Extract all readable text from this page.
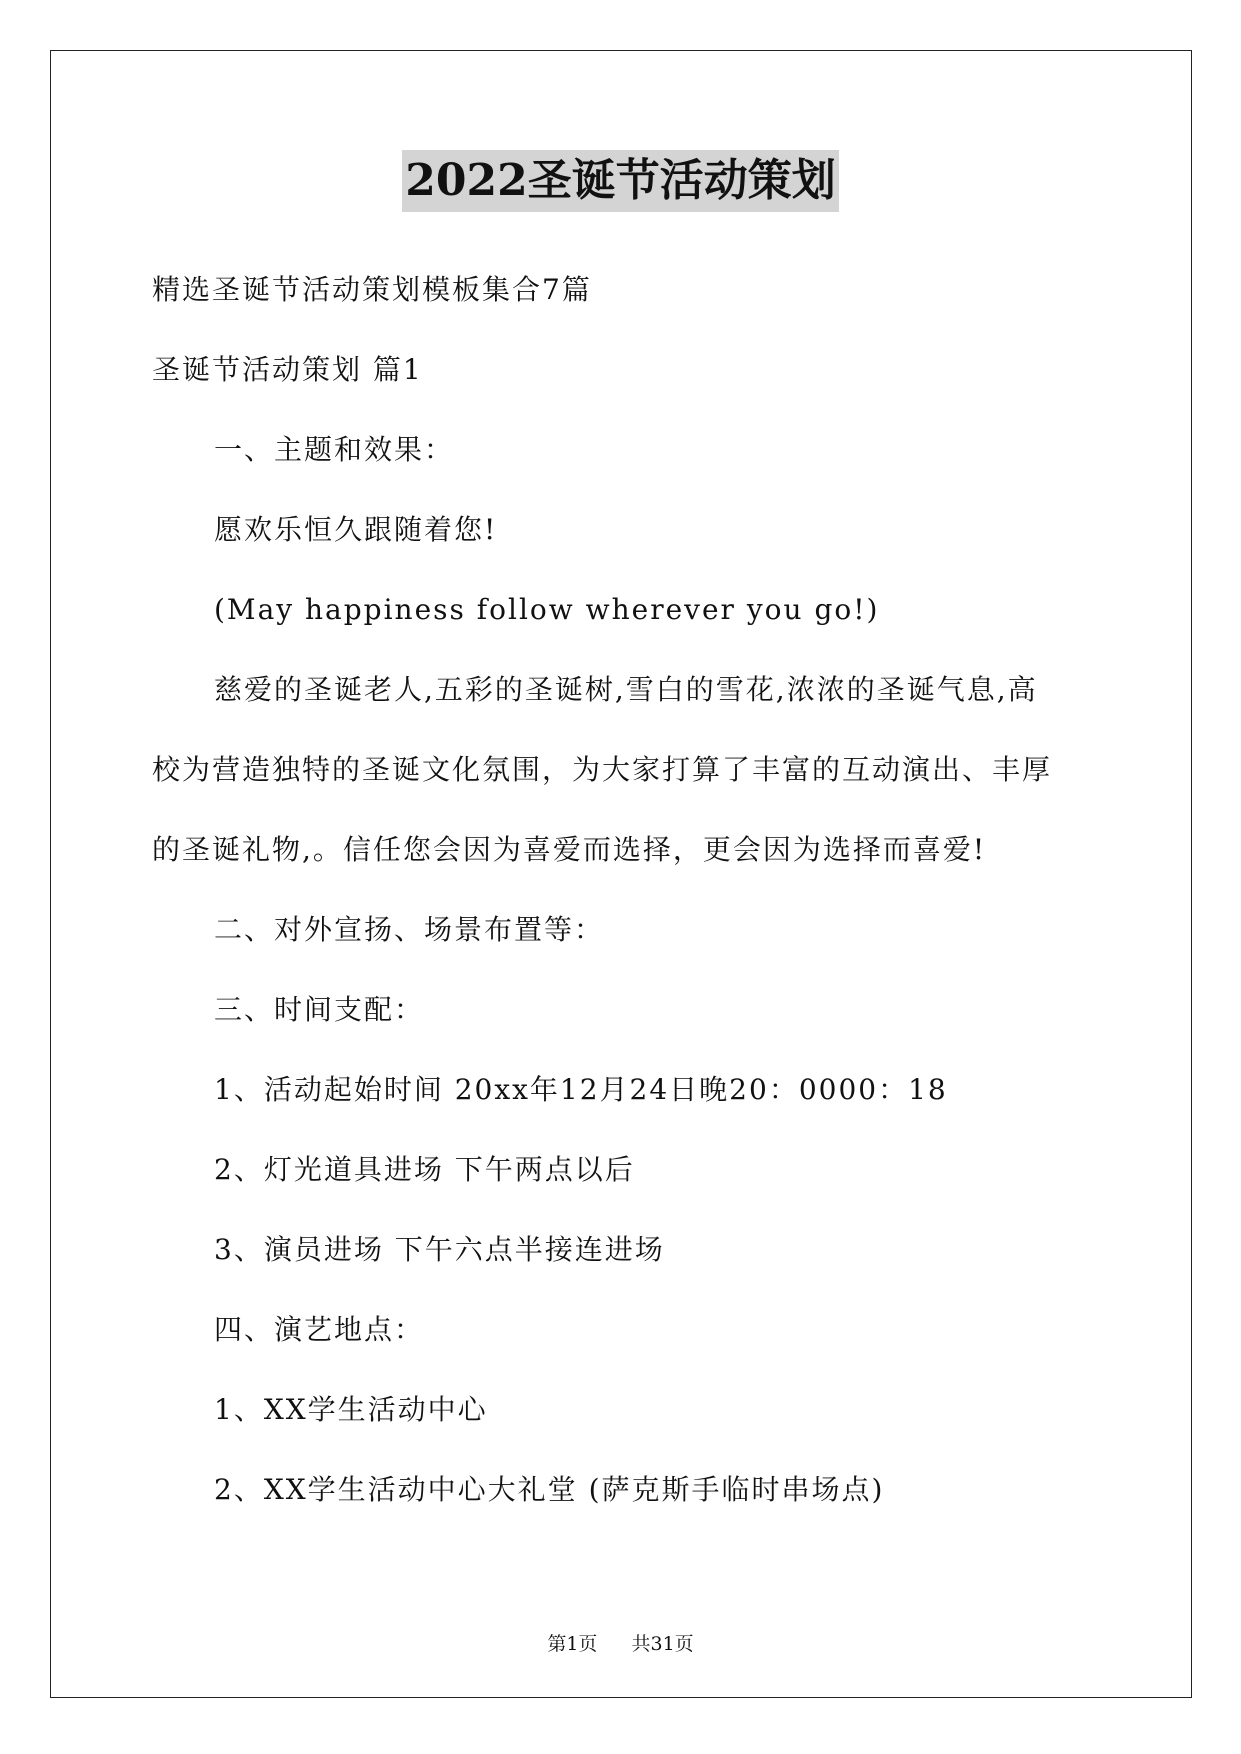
2022圣诞节活动策划
精选圣诞节活动策划模板集合7篇
圣诞节活动策划 篇1
一、主题和效果：
愿欢乐恒久跟随着您!
(May happiness follow wherever you go!)
慈爱的圣诞老人,五彩的圣诞树,雪白的雪花,浓浓的圣诞气息,高
校为营造独特的圣诞文化氛围，为大家打算了丰富的互动演出、丰厚
的圣诞礼物,。信任您会因为喜爱而选择，更会因为选择而喜爱!
二、对外宣扬、场景布置等：
三、时间支配：
1、活动起始时间 20xx年12月24日晚20：0000：18
2、灯光道具进场 下午两点以后
3、演员进场 下午六点半接连进场
四、演艺地点：
1、XX学生活动中心
2、XX学生活动中心大礼堂 (萨克斯手临时串场点)
第1页 共31页
